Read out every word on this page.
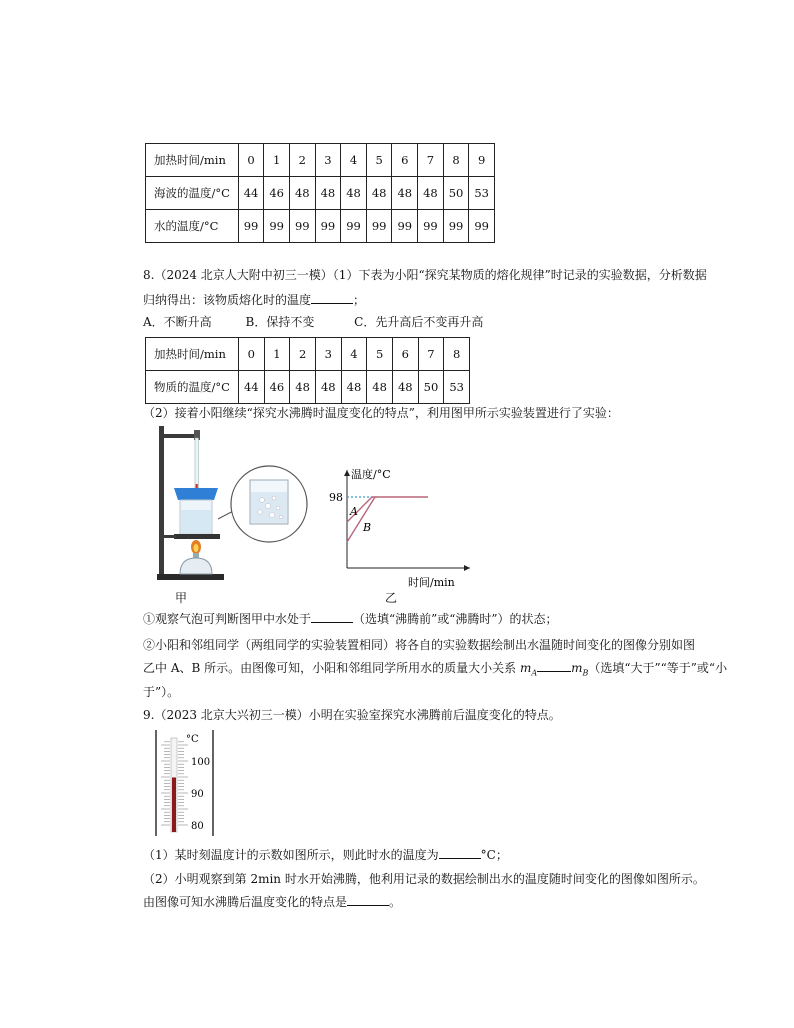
加热时间/min	0	1	2	3	4	5	6	7	8	9
海波的温度/°C	44	46	48	48	48	48	48	48	50	53
水的温度/°C	99	99	99	99	99	99	99	99	99	99
8.（2024 北京人大附中初三一模）（1）下表为小阳“探究某物质的熔化规律”时记录的实验数据，分析数据
归纳得出：该物质熔化时的温度	；
A．不断升高	B．保持不变	C．先升高后不变再升高
加热时间/min	0	1	2	3	4	5	6	7	8
物质的温度/°C	44	46	48	48	48	48	48	50	53
（2）接着小阳继续“探究水沸腾时温度变化的特点”，利用图甲所示实验装置进行了实验：
甲
温度/°C
时间/min
98
A
B
乙
①观察气泡可判断图甲中水处于	（选填“沸腾前”或“沸腾时”）的状态；
②小阳和邻组同学（两组同学的实验装置相同）将各自的实验数据绘制出水温随时间变化的图像分别如图
乙中 A、B 所示。由图像可知，小阳和邻组同学所用水的质量大小关系 $m_A$	$m_B$（选填“大于”“等于”或“小
于”）。
9.（2023 北京大兴初三一模）小明在实验室探究水沸腾前后温度变化的特点。
°C
100
90
80
（1）某时刻温度计的示数如图所示，则此时水的温度为	°C；
（2）小明观察到第 2min 时水开始沸腾，他利用记录的数据绘制出水的温度随时间变化的图像如图所示。
由图像可知水沸腾后温度变化的特点是	。
